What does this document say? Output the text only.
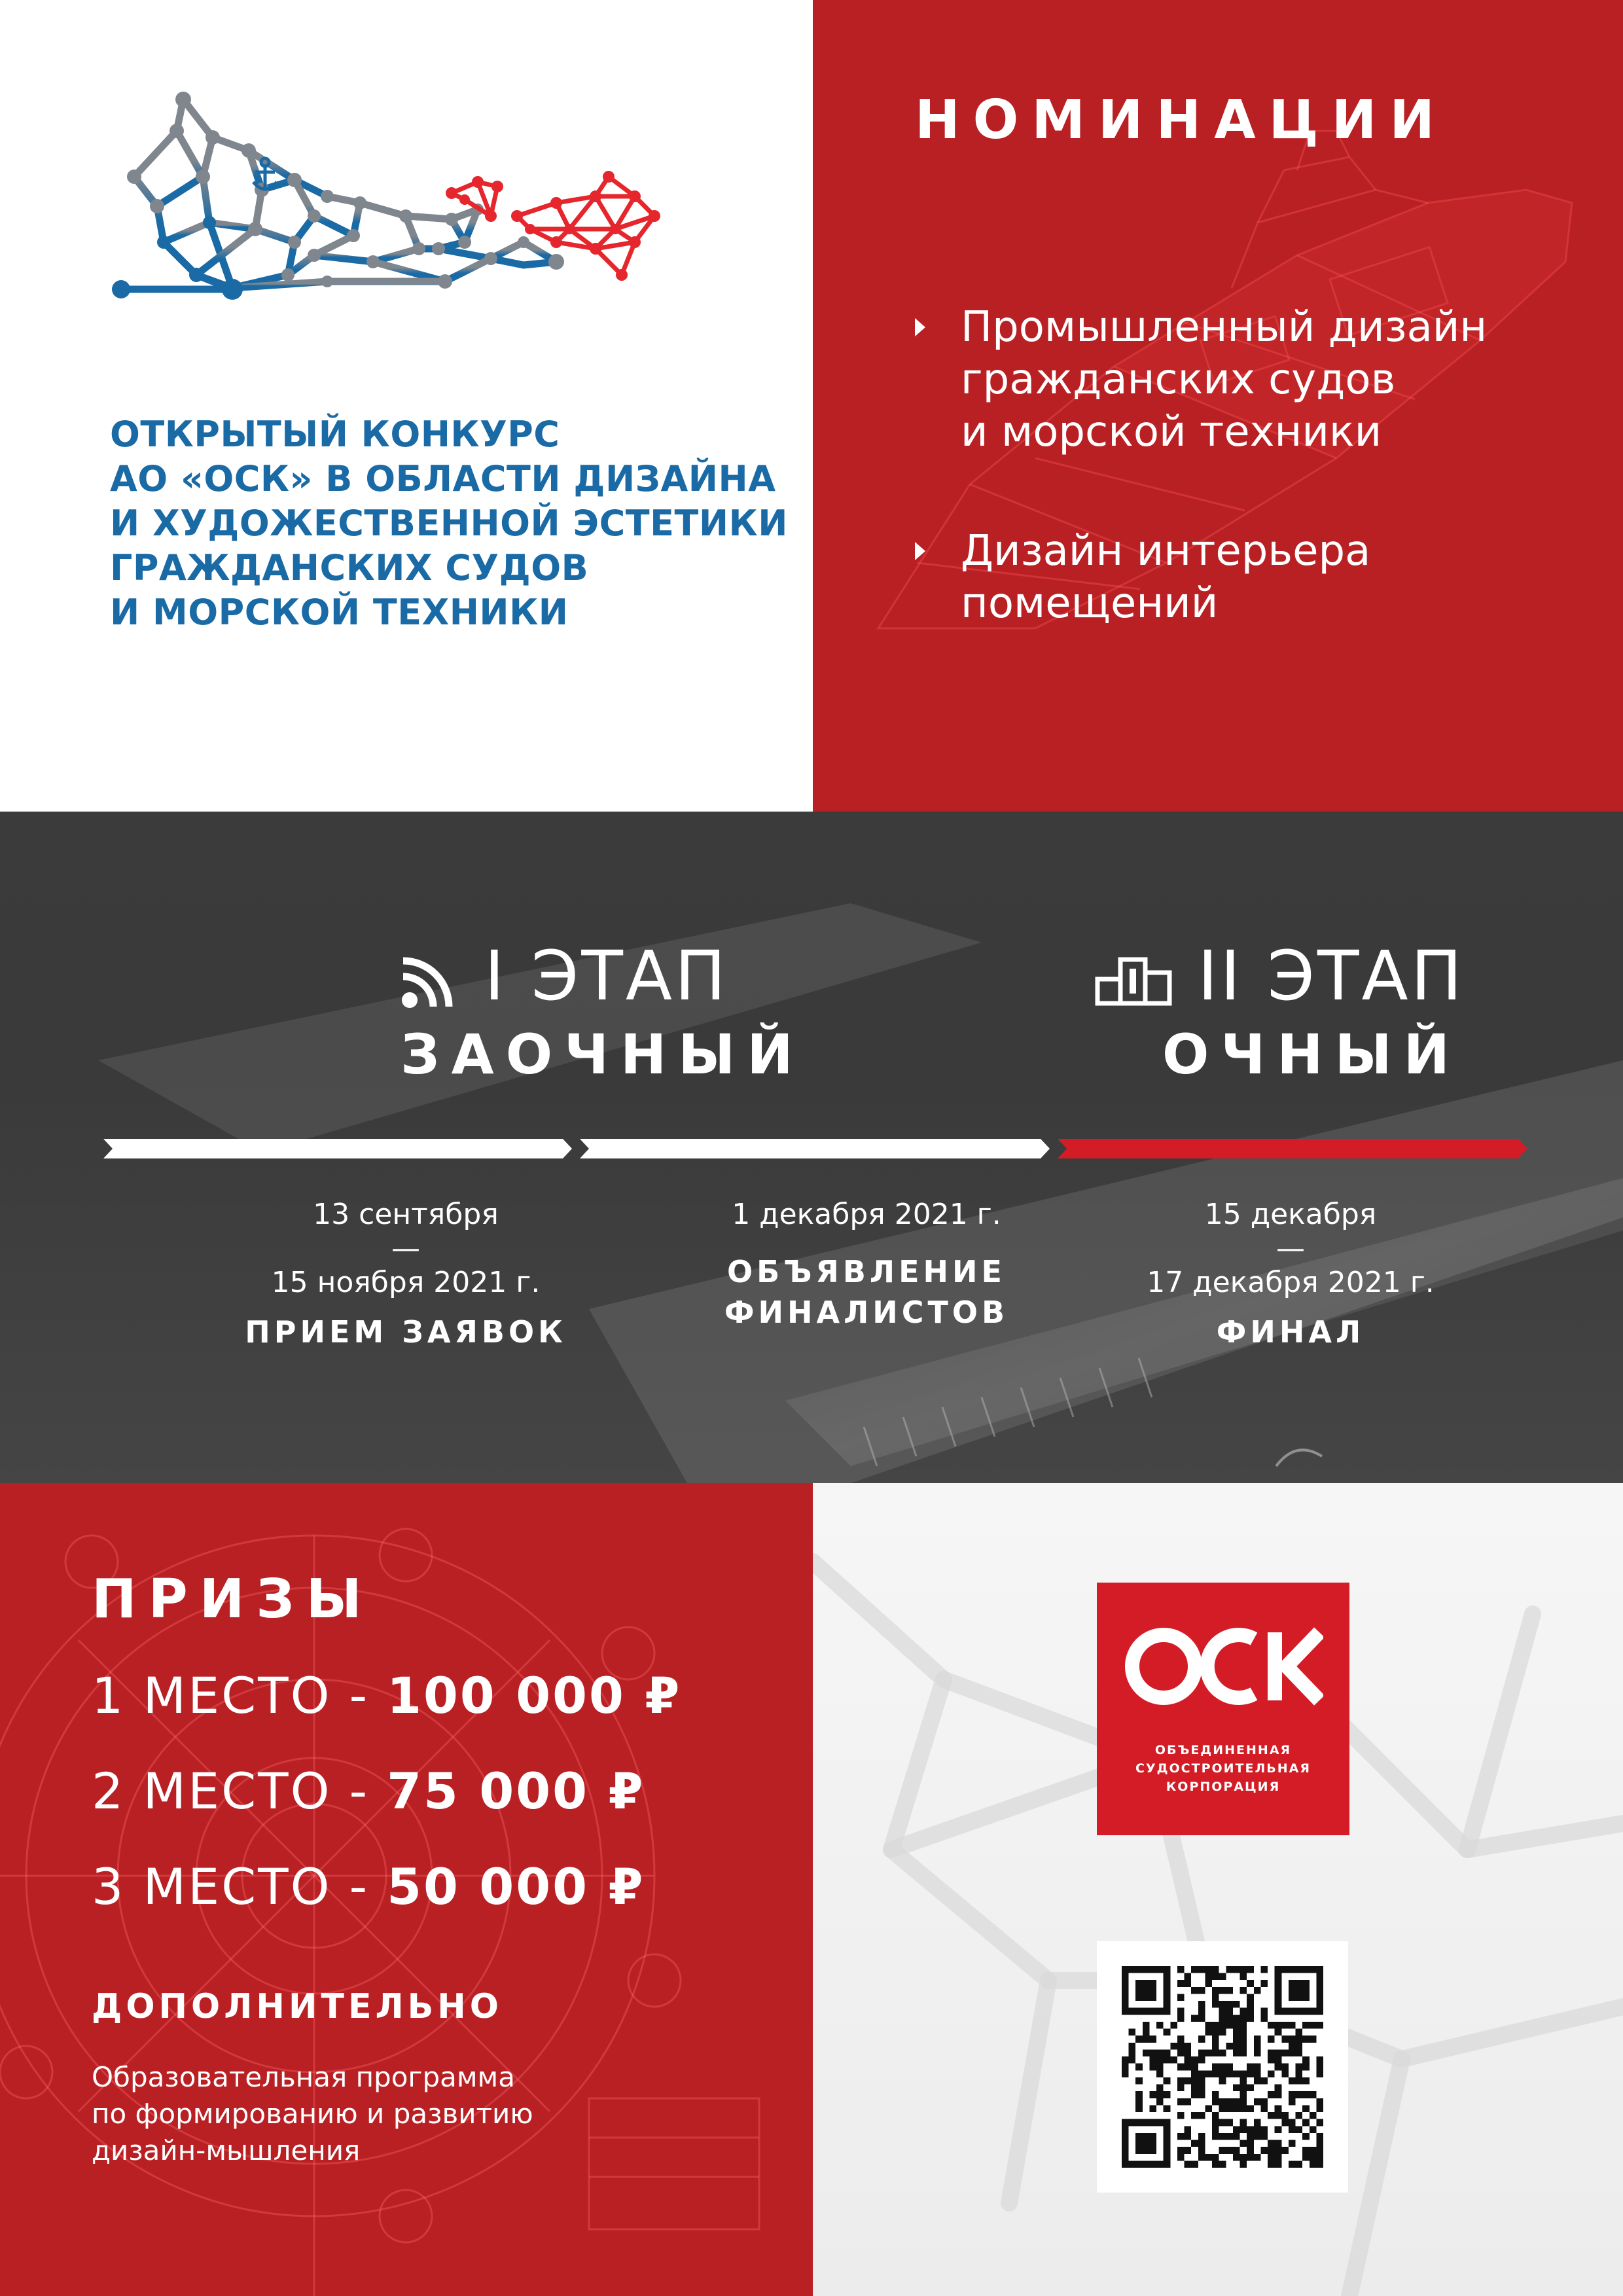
ОТКРЫТЫЙ КОНКУРС
АО «ОСК» В ОБЛАСТИ ДИЗАЙНА
И ХУДОЖЕСТВЕННОЙ ЭСТЕТИКИ
ГРАЖДАНСКИХ СУДОВ
И МОРСКОЙ ТЕХНИКИ
НОМИНАЦИИ
Промышленный дизайн
гражданских судов
и морской техники
Дизайн интерьера
помещений
I ЭТАП
ЗАОЧНЫЙ
II ЭТАП
ОЧНЫЙ
13 сентября
—
15 ноября 2021 г.
ПРИЕМ ЗАЯВОК
1 декабря 2021 г.
ОБЪЯВЛЕНИЕ
ФИНАЛИСТОВ
15 декабря
—
17 декабря 2021 г.
ФИНАЛ
ПРИЗЫ
1 МЕСТО - 100 000 ₽
2 МЕСТО - 75 000 ₽
3 МЕСТО - 50 000 ₽
ДОПОЛНИТЕЛЬНО
Образовательная программа
по формированию и развитию
дизайн-мышления
ОБЪЕДИНЕННАЯ
СУДОСТРОИТЕЛЬНАЯ
КОРПОРАЦИЯ
